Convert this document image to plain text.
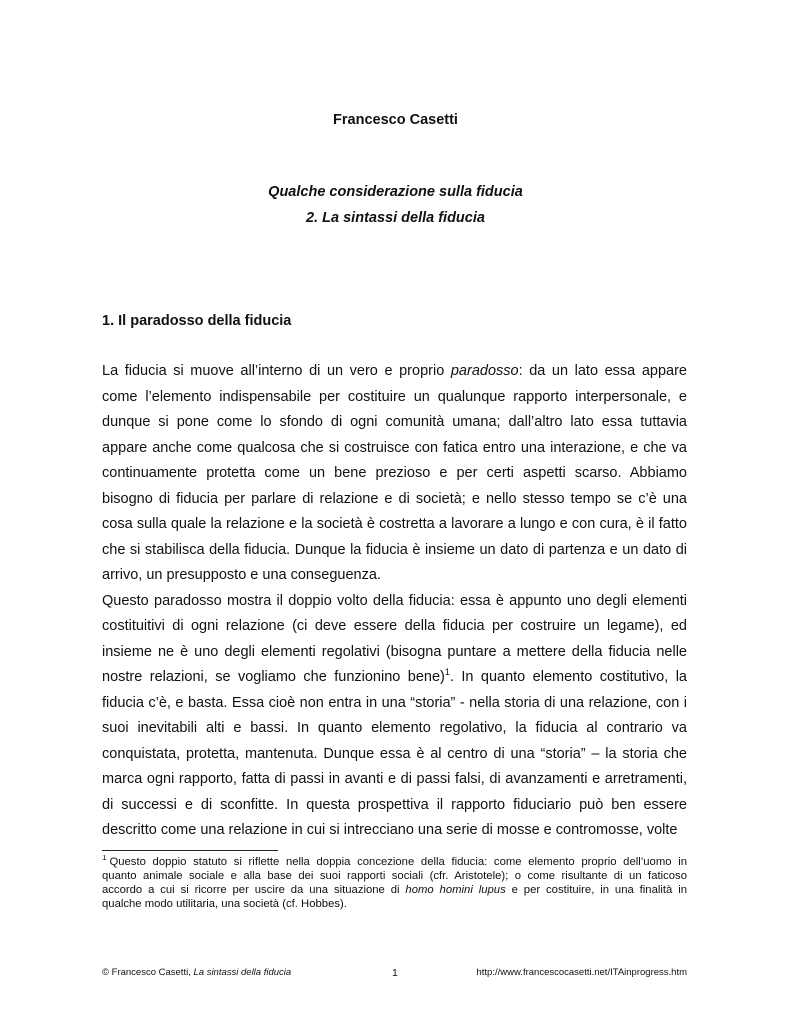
Francesco Casetti
Qualche considerazione sulla fiducia
2. La sintassi della fiducia
1. Il paradosso della fiducia
La fiducia si muove all’interno di un vero e proprio paradosso: da un lato essa appare
come l’elemento indispensabile per costituire un qualunque rapporto interpersonale, e
dunque si pone come lo sfondo di ogni comunità umana; dall’altro lato essa tuttavia
appare anche come qualcosa che si costruisce con fatica entro una interazione, e che va
continuamente protetta come un bene prezioso e per certi aspetti scarso. Abbiamo
bisogno di fiducia per parlare di relazione e di società; e nello stesso tempo se c’è una
cosa sulla quale la relazione e la società è costretta a lavorare a lungo e con cura, è il fatto
che si stabilisca della fiducia. Dunque la fiducia è insieme un dato di partenza e un dato di
arrivo, un presupposto e una conseguenza.
Questo paradosso mostra il doppio volto della fiducia: essa è appunto uno degli elementi
costituitivi di ogni relazione (ci deve essere della fiducia per costruire un legame), ed
insieme ne è uno degli elementi regolativi (bisogna puntare a mettere della fiducia nelle
nostre relazioni, se vogliamo che funzionino bene)$^1$. In quanto elemento costitutivo, la
fiducia c’è, e basta. Essa cioè non entra in una “storia” - nella storia di una relazione, con i
suoi inevitabili alti e bassi. In quanto elemento regolativo, la fiducia al contrario va
conquistata, protetta, mantenuta. Dunque essa è al centro di una “storia” – la storia che
marca ogni rapporto, fatta di passi in avanti e di passi falsi, di avanzamenti e arretramenti,
di successi e di sconfitte. In questa prospettiva il rapporto fiduciario può ben essere
descritto come una relazione in cui si intrecciano una serie di mosse e contromosse, volte
$^1$ Questo doppio statuto si riflette nella doppia concezione della fiducia: come elemento proprio dell’uomo in
quanto animale sociale e alla base dei suoi rapporti sociali (cfr. Aristotele); o come risultante di un faticoso
accordo a cui si ricorre per uscire da una situazione di homo homini lupus e per costituire, in una finalità in
qualche modo utilitaria, una società (cf. Hobbes).
© Francesco Casetti, La sintassi della fiducia	1	http://www.francescocasetti.net/ITAinprogress.htm
